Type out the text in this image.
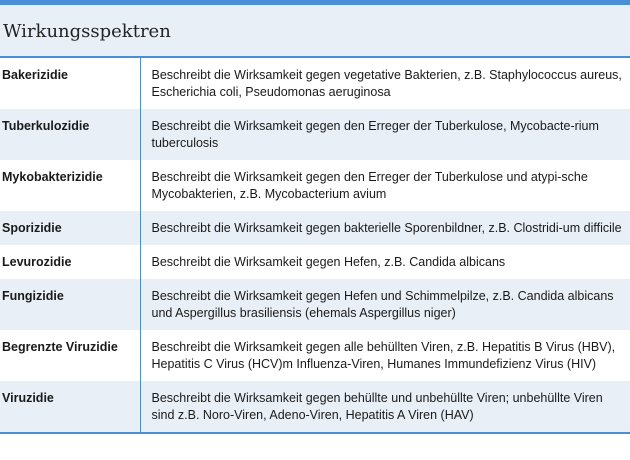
Wirkungsspektren
Bakerizidie	Beschreibt die Wirksamkeit gegen vegetative Bakterien, z.B. Staphylococcus aureus, Escherichia coli, Pseudomonas aeruginosa
Tuberkulozidie	Beschreibt die Wirksamkeit gegen den Erreger der Tuberkulose, Mycobacte-rium tuberculosis
Mykobakterizidie	Beschreibt die Wirksamkeit gegen den Erreger der Tuberkulose und atypi-sche Mycobakterien, z.B. Mycobacterium avium
Sporizidie	Beschreibt die Wirksamkeit gegen bakterielle Sporenbildner, z.B. Clostridi-um difficile
Levurozidie	Beschreibt die Wirksamkeit gegen Hefen, z.B. Candida albicans
Fungizidie	Beschreibt die Wirksamkeit gegen Hefen und Schimmelpilze, z.B. Candida albicans und Aspergillus brasiliensis (ehemals Aspergillus niger)
Begrenzte Viruzidie	Beschreibt die Wirksamkeit gegen alle behüllten Viren, z.B. Hepatitis B Virus (HBV), Hepatitis C Virus (HCV)m Influenza-Viren, Humanes Immundefizienz Virus (HIV)
Viruzidie	Beschreibt die Wirksamkeit gegen behüllte und unbehüllte Viren; unbehüllte Viren sind z.B. Noro-Viren, Adeno-Viren, Hepatitis A Viren (HAV)
